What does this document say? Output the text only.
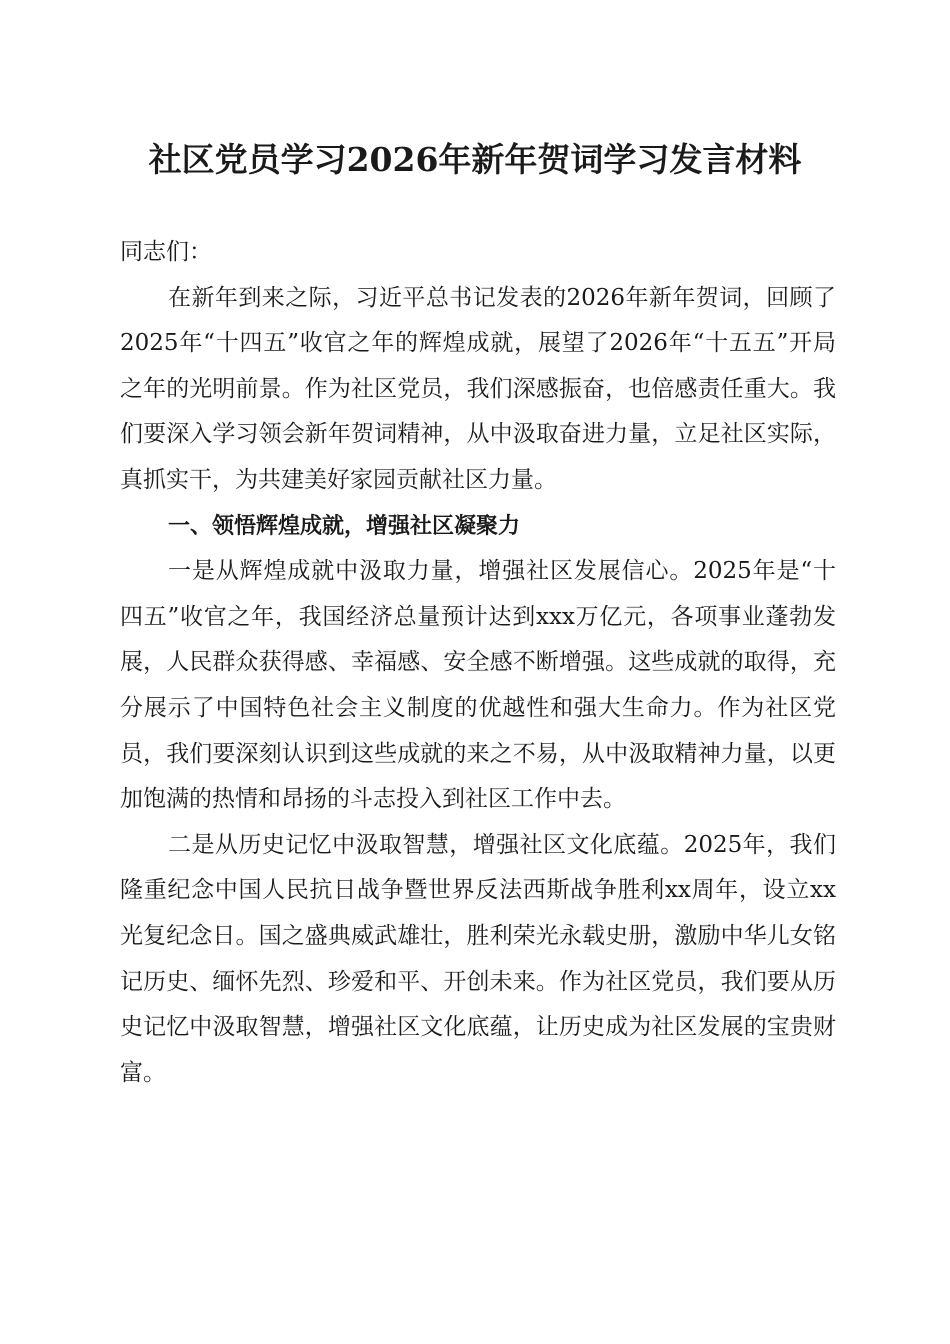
社区党员学习2026年新年贺词学习发言材料

同志们：

在新年到来之际，习近平总书记发表的2026年新年贺词，回顾了2025年“十四五”收官之年的辉煌成就，展望了2026年“十五五”开局之年的光明前景。作为社区党员，我们深感振奋，也倍感责任重大。我们要深入学习领会新年贺词精神，从中汲取奋进力量，立足社区实际，真抓实干，为共建美好家园贡献社区力量。

一、领悟辉煌成就，增强社区凝聚力

一是从辉煌成就中汲取力量，增强社区发展信心。2025年是“十四五”收官之年，我国经济总量预计达到xxx万亿元，各项事业蓬勃发展，人民群众获得感、幸福感、安全感不断增强。这些成就的取得，充分展示了中国特色社会主义制度的优越性和强大生命力。作为社区党员，我们要深刻认识到这些成就的来之不易，从中汲取精神力量，以更加饱满的热情和昂扬的斗志投入到社区工作中去。

二是从历史记忆中汲取智慧，增强社区文化底蕴。2025年，我们隆重纪念中国人民抗日战争暨世界反法西斯战争胜利xx周年，设立xx光复纪念日。国之盛典威武雄壮，胜利荣光永载史册，激励中华儿女铭记历史、缅怀先烈、珍爱和平、开创未来。作为社区党员，我们要从历史记忆中汲取智慧，增强社区文化底蕴，让历史成为社区发展的宝贵财富。
